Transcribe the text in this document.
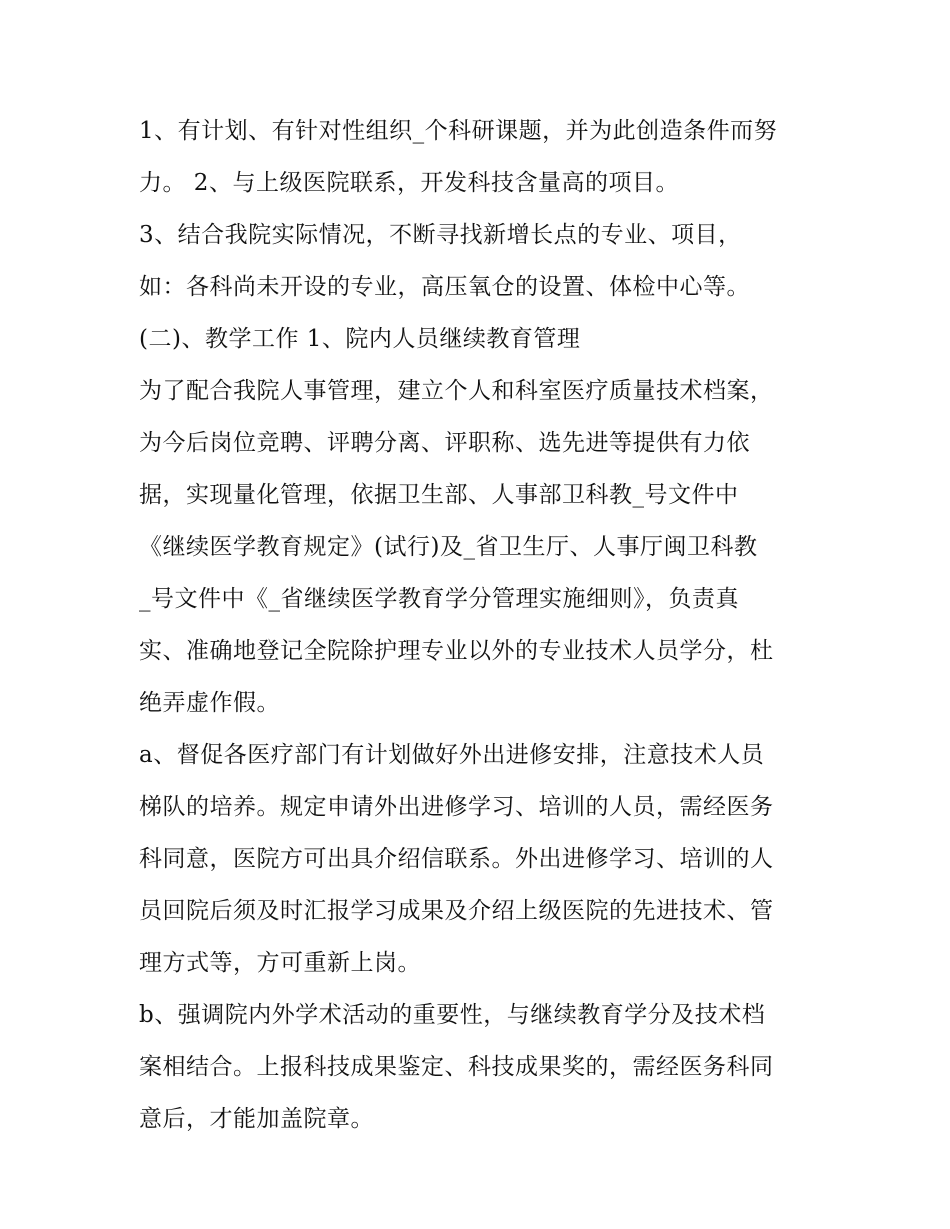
1、有计划、有针对性组织_个科研课题，并为此创造条件而努
力。 2、与上级医院联系，开发科技含量高的项目。
3、结合我院实际情况，不断寻找新增长点的专业、项目，
如：各科尚未开设的专业，高压氧仓的设置、体检中心等。
(二)、教学工作 1、院内人员继续教育管理
为了配合我院人事管理，建立个人和科室医疗质量技术档案，
为今后岗位竞聘、评聘分离、评职称、选先进等提供有力依
据，实现量化管理，依据卫生部、人事部卫科教_号文件中
《继续医学教育规定》(试行)及_省卫生厅、人事厅闽卫科教
_号文件中《_省继续医学教育学分管理实施细则》，负责真
实、准确地登记全院除护理专业以外的专业技术人员学分，杜
绝弄虚作假。
a、督促各医疗部门有计划做好外出进修安排，注意技术人员
梯队的培养。规定申请外出进修学习、培训的人员，需经医务
科同意，医院方可出具介绍信联系。外出进修学习、培训的人
员回院后须及时汇报学习成果及介绍上级医院的先进技术、管
理方式等，方可重新上岗。
b、强调院内外学术活动的重要性，与继续教育学分及技术档
案相结合。上报科技成果鉴定、科技成果奖的，需经医务科同
意后，才能加盖院章。
